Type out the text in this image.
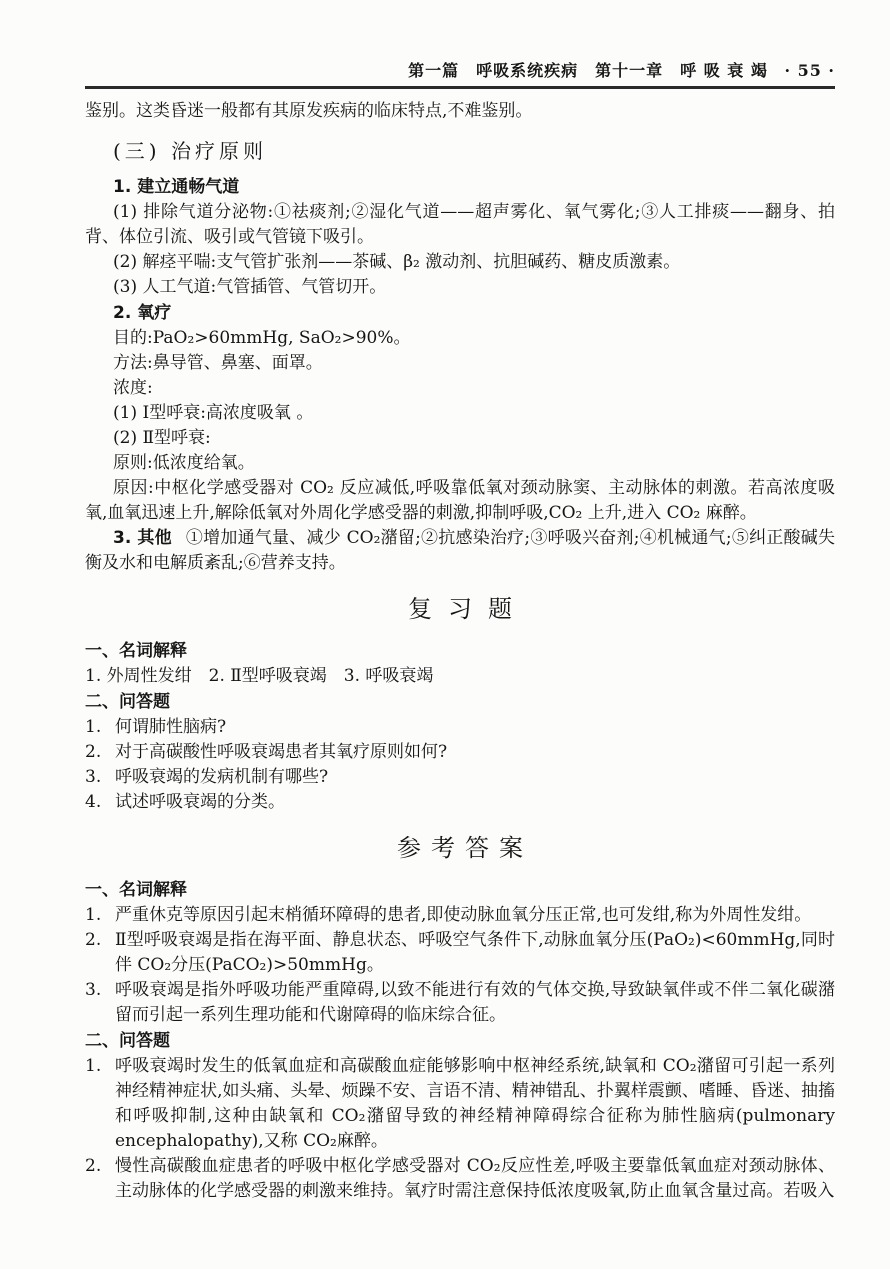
第一篇　呼吸系统疾病　第十一章　呼 吸 衰 竭 · 55 ·

鉴别。这类昏迷一般都有其原发疾病的临床特点,不难鉴别。

(三) 治疗原则

1. 建立通畅气道

(1) 排除气道分泌物:①祛痰剂;②湿化气道——超声雾化、氧气雾化;③人工排痰——翻身、拍背、体位引流、吸引或气管镜下吸引。

(2) 解痉平喘:支气管扩张剂——茶碱、β₂ 激动剂、抗胆碱药、糖皮质激素。

(3) 人工气道:气管插管、气管切开。

2. 氧疗

目的:PaO₂>60mmHg, SaO₂>90%。

方法:鼻导管、鼻塞、面罩。

浓度:

(1) Ⅰ型呼衰:高浓度吸氧 。

(2) Ⅱ型呼衰:

原则:低浓度给氧。

原因:中枢化学感受器对 CO₂ 反应减低,呼吸靠低氧对颈动脉窦、主动脉体的刺激。若高浓度吸氧,血氧迅速上升,解除低氧对外周化学感受器的刺激,抑制呼吸,CO₂ 上升,进入 CO₂ 麻醉。

3. 其他 ①增加通气量、减少 CO₂潴留;②抗感染治疗;③呼吸兴奋剂;④机械通气;⑤纠正酸碱失衡及水和电解质紊乱;⑥营养支持。

复习题

一、名词解释

1. 外周性发绀　2. Ⅱ型呼吸衰竭　3. 呼吸衰竭

二、问答题

1. 何谓肺性脑病?
2. 对于高碳酸性呼吸衰竭患者其氧疗原则如何?
3. 呼吸衰竭的发病机制有哪些?
4. 试述呼吸衰竭的分类。
参考答案

一、名词解释

1. 严重休克等原因引起末梢循环障碍的患者,即使动脉血氧分压正常,也可发绀,称为外周性发绀。
2. Ⅱ型呼吸衰竭是指在海平面、静息状态、呼吸空气条件下,动脉血氧分压(PaO₂)<60mmHg,同时伴 CO₂分压(PaCO₂)>50mmHg。
3. 呼吸衰竭是指外呼吸功能严重障碍,以致不能进行有效的气体交换,导致缺氧伴或不伴二氧化碳潴留而引起一系列生理功能和代谢障碍的临床综合征。

二、问答题

1. 呼吸衰竭时发生的低氧血症和高碳酸血症能够影响中枢神经系统,缺氧和 CO₂潴留可引起一系列神经精神症状,如头痛、头晕、烦躁不安、言语不清、精神错乱、扑翼样震颤、嗜睡、昏迷、抽搐和呼吸抑制,这种由缺氧和 CO₂潴留导致的神经精神障碍综合征称为肺性脑病(pulmonary encephalopathy),又称 CO₂麻醉。
2. 慢性高碳酸血症患者的呼吸中枢化学感受器对 CO₂反应性差,呼吸主要靠低氧血症对颈动脉体、主动脉体的化学感受器的刺激来维持。氧疗时需注意保持低浓度吸氧,防止血氧含量过高。若吸入
